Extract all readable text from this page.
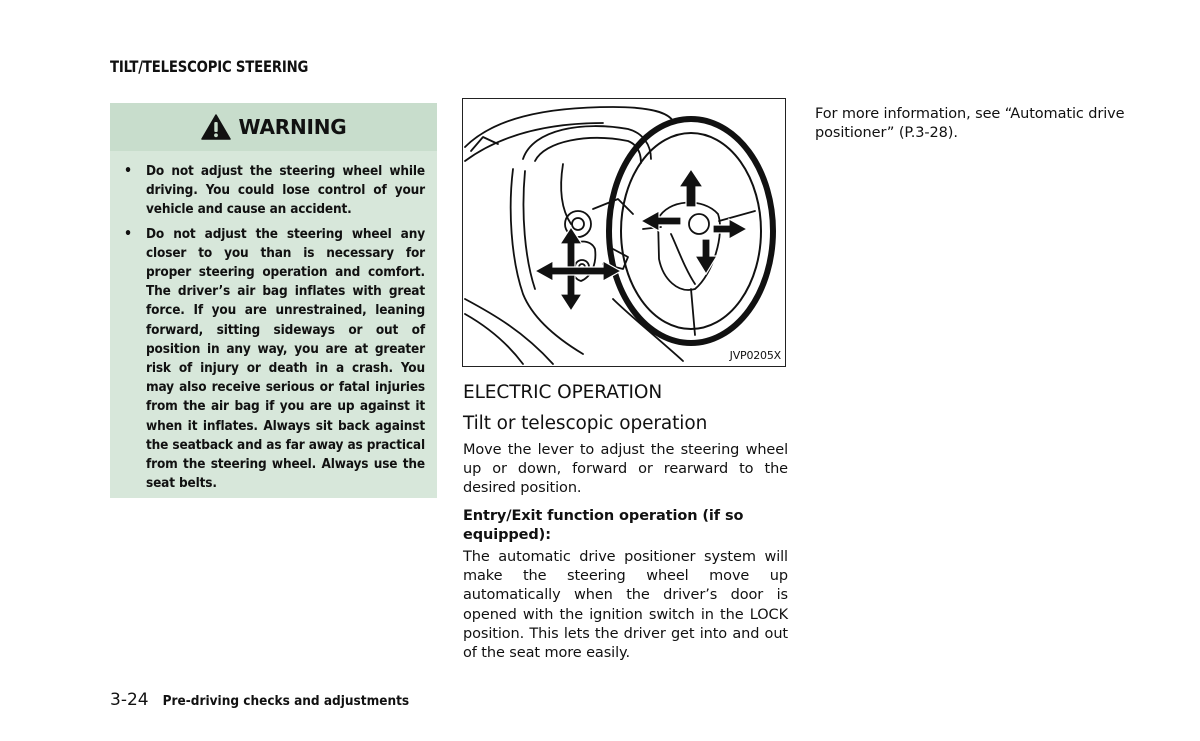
TILT/TELESCOPIC STEERING
WARNING
• Do not adjust the steering wheel while driving. You could lose control of your vehicle and cause an accident.
• Do not adjust the steering wheel any closer to you than is necessary for proper steering operation and comfort. The driver’s air bag inflates with great force. If you are unrestrained, leaning forward, sitting sideways or out of position in any way, you are at greater risk of injury or death in a crash. You may also receive serious or fatal injuries from the air bag if you are up against it when it inflates. Always sit back against the seatback and as far away as practical from the steering wheel. Always use the seat belts.
JVP0205X
ELECTRIC OPERATION
Tilt or telescopic operation
Move the lever to adjust the steering wheel up or down, forward or rearward to the desired position.
Entry/Exit function operation (if so equipped):
The automatic drive positioner system will make the steering wheel move up automatically when the driver’s door is opened with the ignition switch in the LOCK position. This lets the driver get into and out of the seat more easily.
For more information, see “Automatic drive positioner” (P.3-28).
3-24 Pre-driving checks and adjustments
